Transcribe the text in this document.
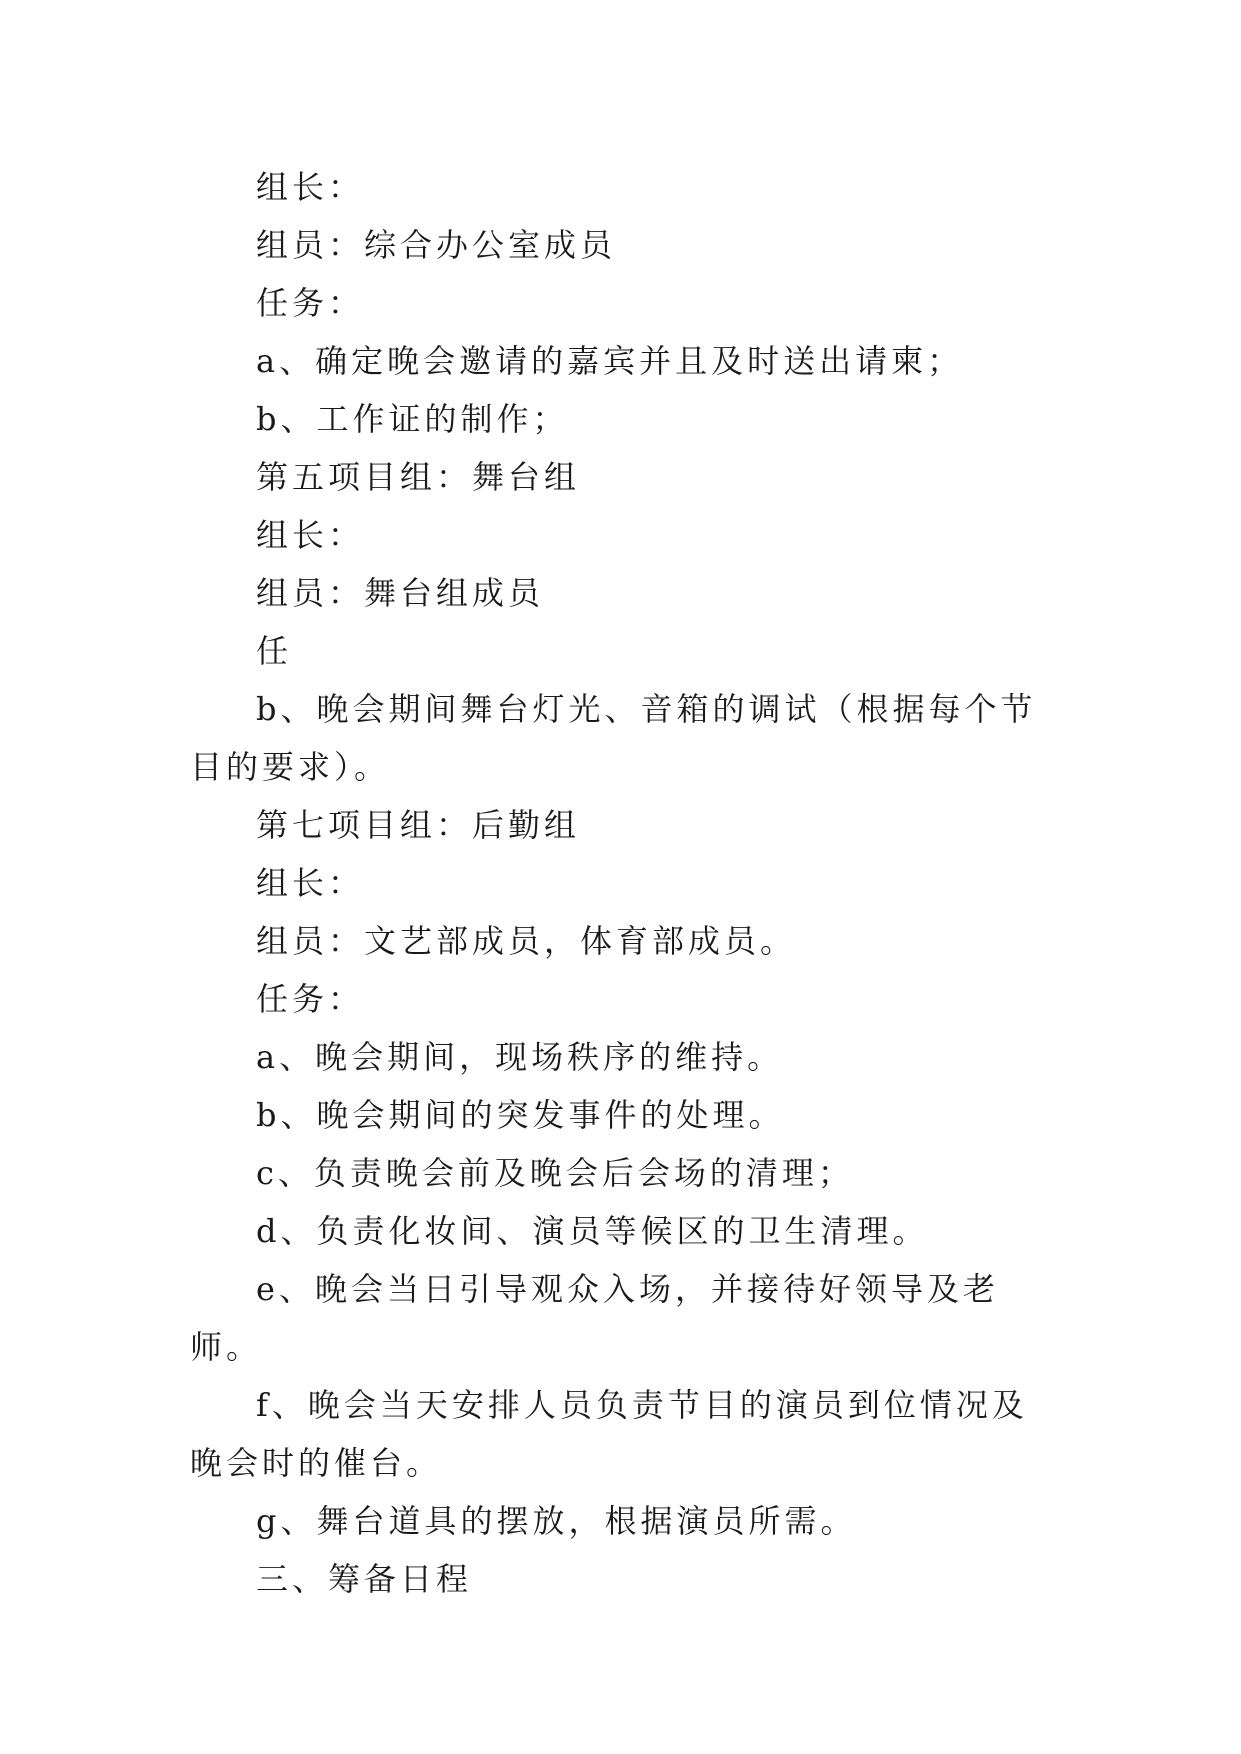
组长：

组员：综合办公室成员

任务：

a、确定晚会邀请的嘉宾并且及时送出请柬；

b、工作证的制作；

第五项目组：舞台组

组长：

组员：舞台组成员

任

b、晚会期间舞台灯光、音箱的调试（根据每个节目的要求）。

第七项目组：后勤组

组长：

组员：文艺部成员，体育部成员。

任务：

a、晚会期间，现场秩序的维持。

b、晚会期间的突发事件的处理。

c、负责晚会前及晚会后会场的清理；

d、负责化妆间、演员等候区的卫生清理。

e、晚会当日引导观众入场，并接待好领导及老师。

f、晚会当天安排人员负责节目的演员到位情况及晚会时的催台。

g、舞台道具的摆放，根据演员所需。

三、筹备日程
